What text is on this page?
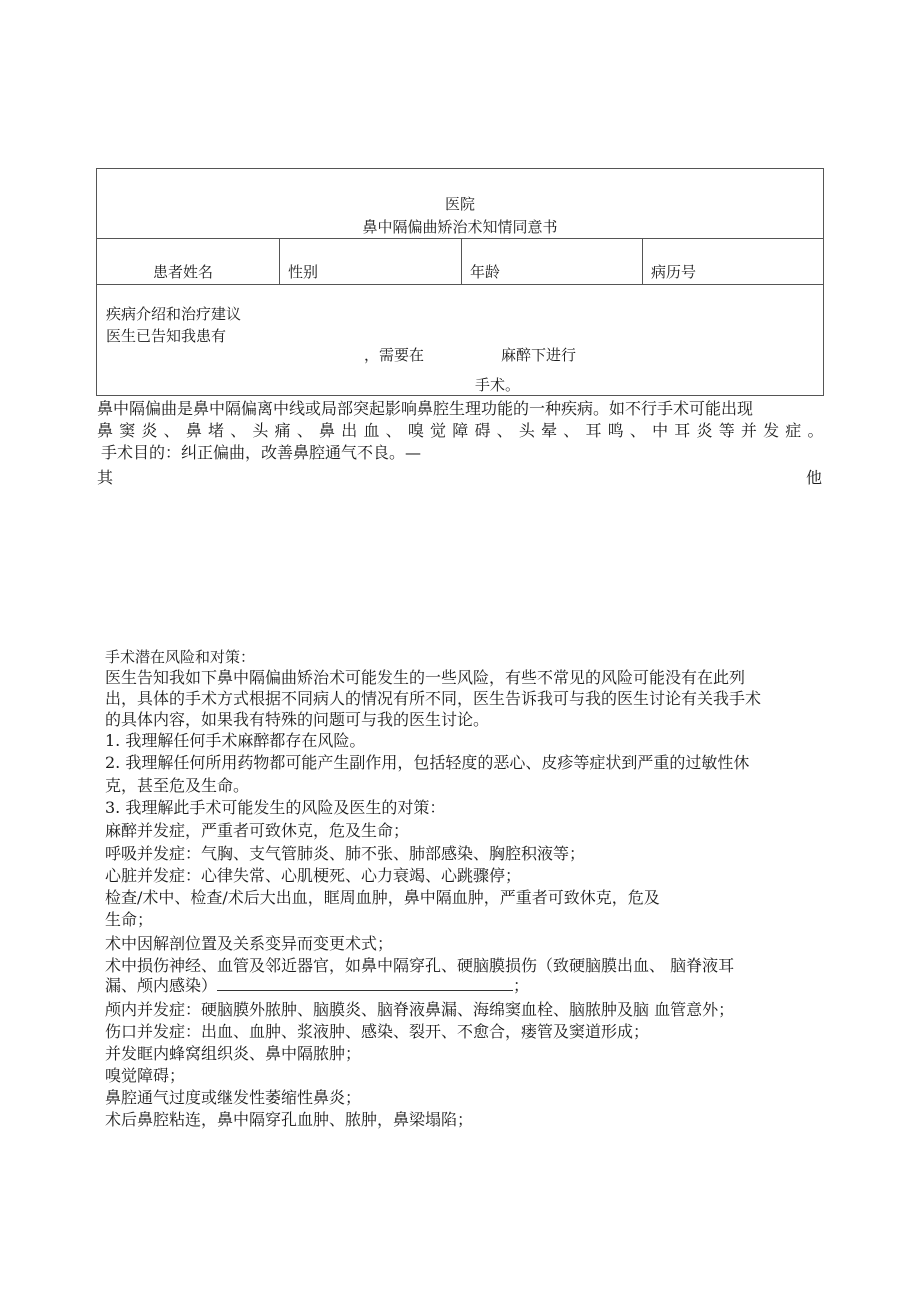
医院
鼻中隔偏曲矫治术知情同意书
患者姓名	性别	年龄	病历号
疾病介绍和治疗建议
医生已告知我患有
，需要在	麻醉下进行
手术。
鼻中隔偏曲是鼻中隔偏离中线或局部突起影响鼻腔生理功能的一种疾病。如不行手术可能出现
鼻 窦 炎 、 鼻 堵 、 头 痛 、 鼻 出 血 、 嗅 觉 障 碍 、 头 晕 、 耳 鸣 、 中 耳 炎 等 并 发 症 。
手术目的：纠正偏曲，改善鼻腔通气不良。—
其	他
手术潜在风险和对策：
医生告知我如下鼻中隔偏曲矫治术可能发生的一些风险，有些不常见的风险可能没有在此列
出，具体的手术方式根据不同病人的情况有所不同，医生告诉我可与我的医生讨论有关我手术
的具体内容，如果我有特殊的问题可与我的医生讨论。
1. 我理解任何手术麻醉都存在风险。
2. 我理解任何所用药物都可能产生副作用，包括轻度的恶心、皮疹等症状到严重的过敏性休
克，甚至危及生命。
3. 我理解此手术可能发生的风险及医生的对策：
麻醉并发症，严重者可致休克，危及生命；
呼吸并发症：气胸、支气管肺炎、肺不张、肺部感染、胸腔积液等；
心脏并发症：心律失常、心肌梗死、心力衰竭、心跳骤停；
检查/术中、检查/术后大出血，眶周血肿，鼻中隔血肿，严重者可致休克，危及
生命；
术中因解剖位置及关系变异而变更术式；
术中损伤神经、血管及邻近器官，如鼻中隔穿孔、硬脑膜损伤（致硬脑膜出血、 脑脊液耳
漏、颅内感染）	；
颅内并发症：硬脑膜外脓肿、脑膜炎、脑脊液鼻漏、海绵窦血栓、脑脓肿及脑 血管意外；
伤口并发症：出血、血肿、浆液肿、感染、裂开、不愈合，瘘管及窦道形成；
并发眶内蜂窝组织炎、鼻中隔脓肿；
嗅觉障碍；
鼻腔通气过度或继发性萎缩性鼻炎；
术后鼻腔粘连，鼻中隔穿孔血肿、脓肿，鼻梁塌陷；
